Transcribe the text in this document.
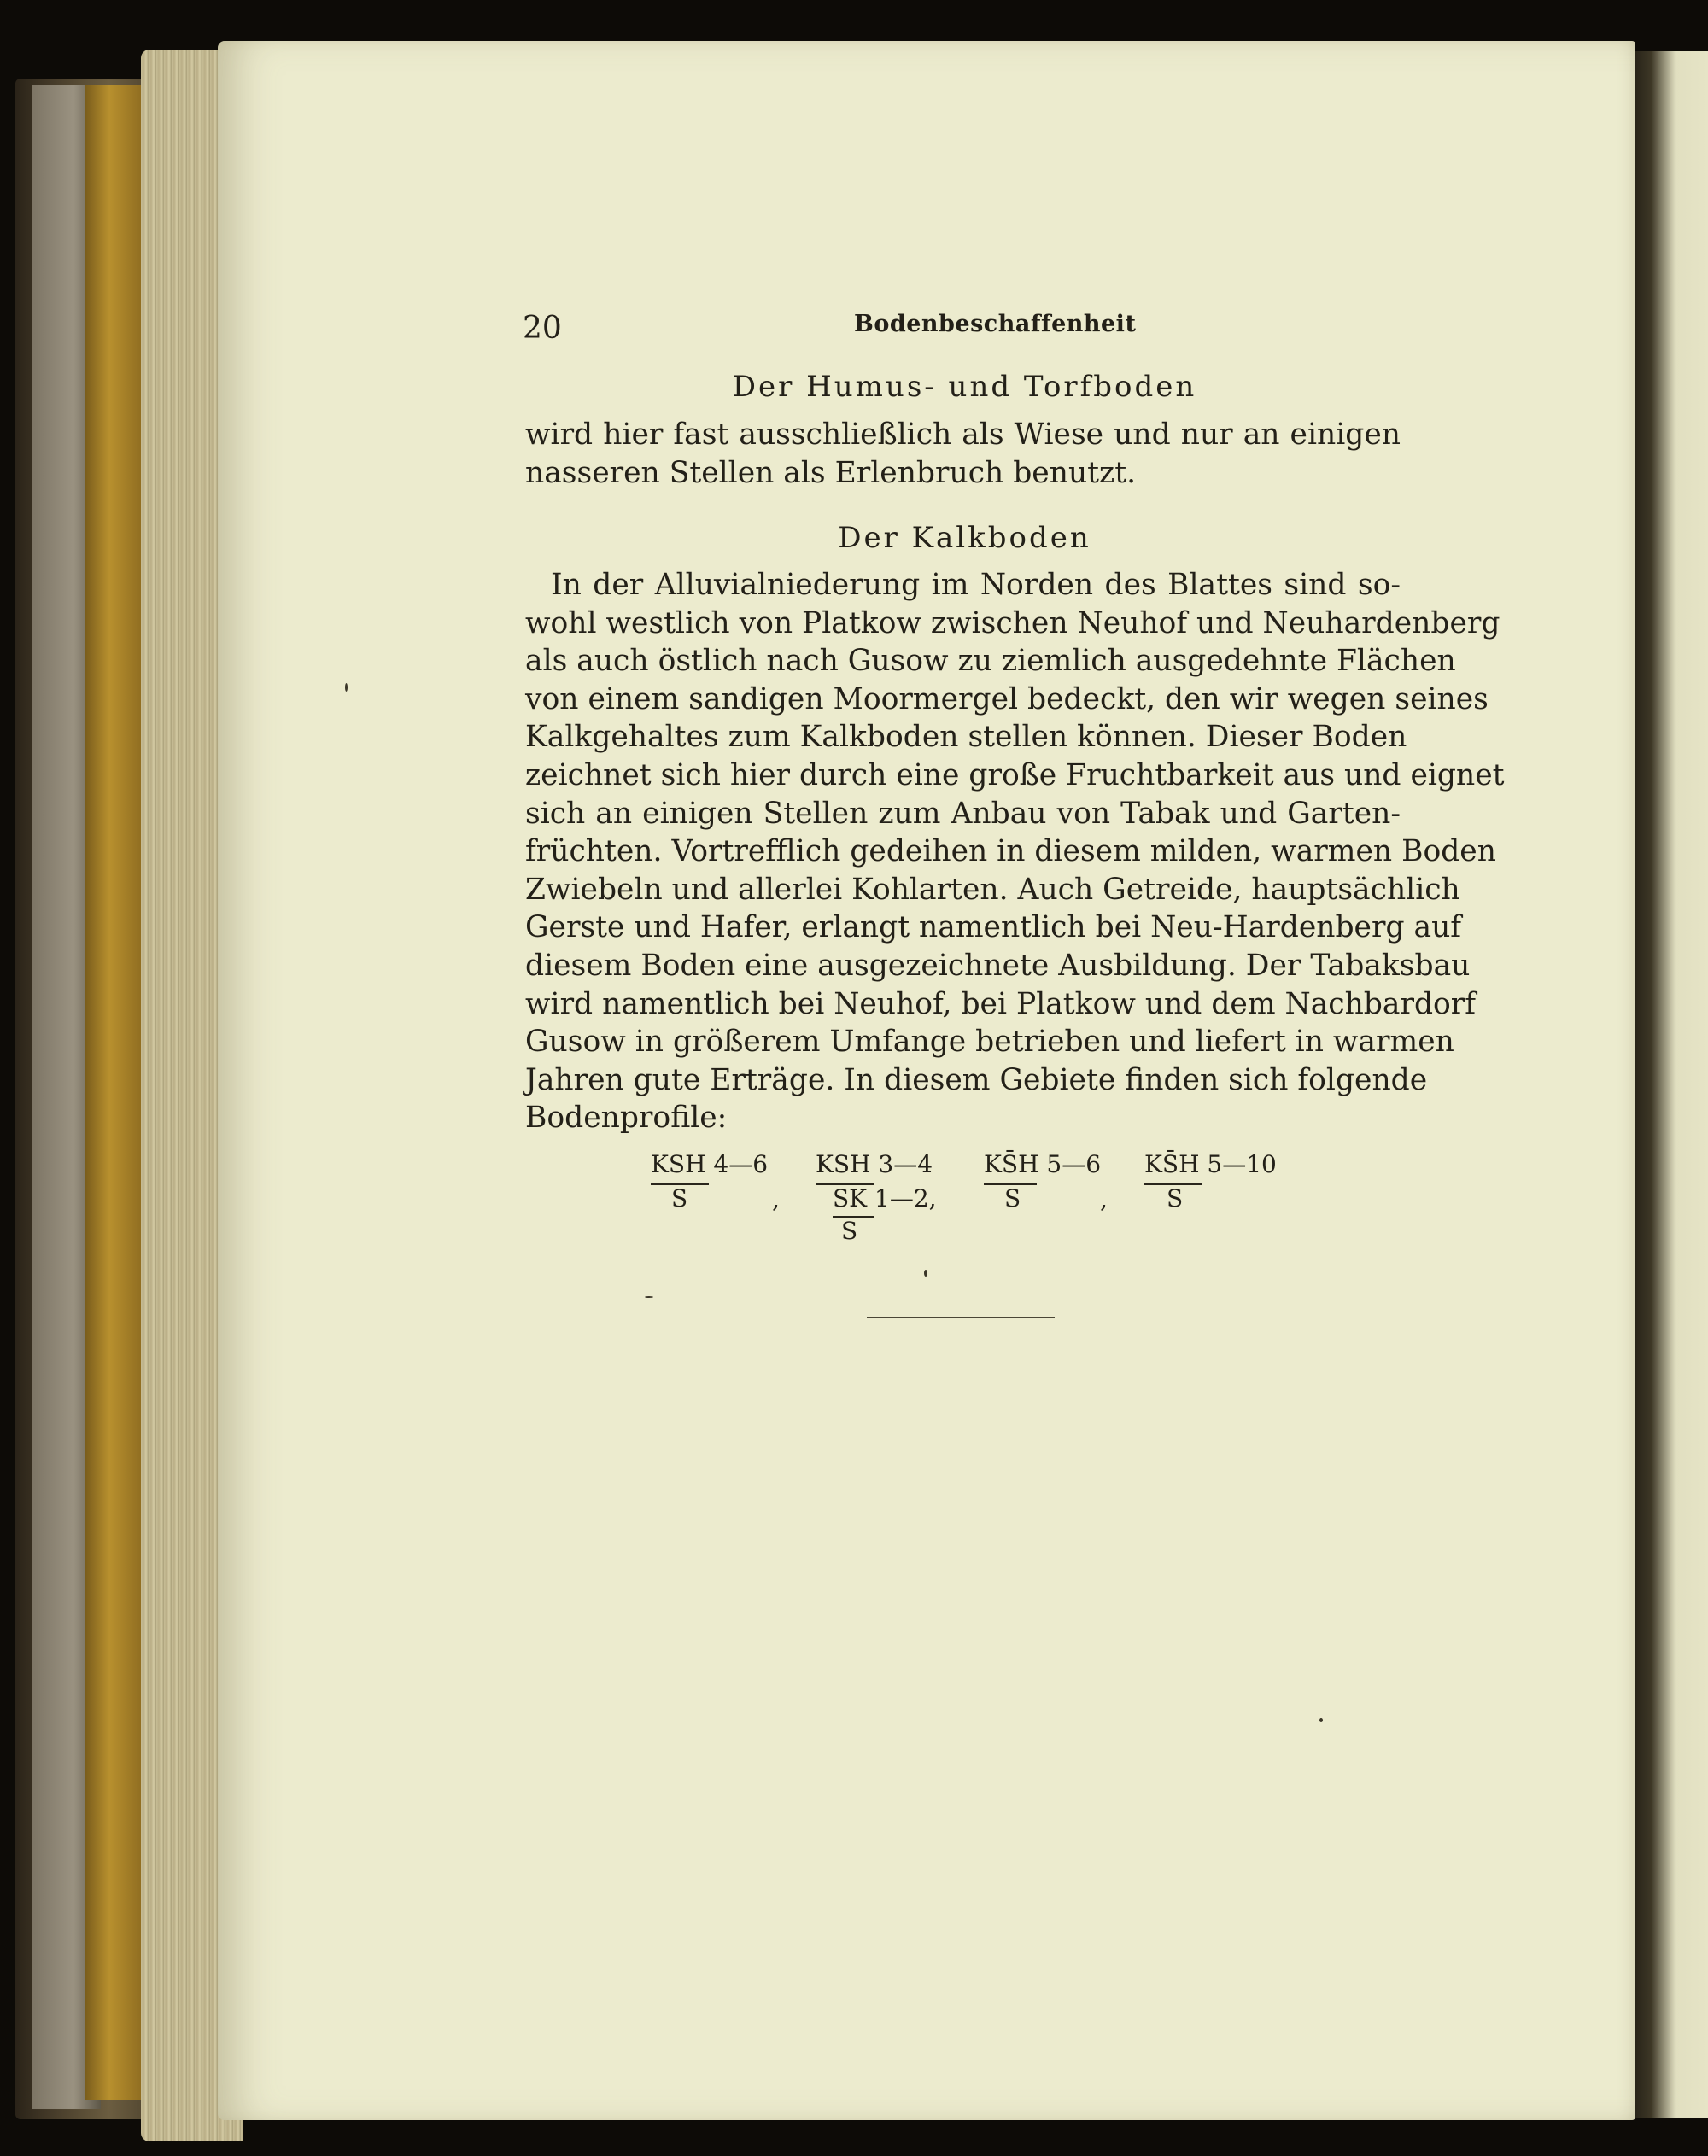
20	Bodenbeschaffenheit
Der Humus- und Torfboden
wird hier fast ausschließlich als Wiese und nur an einigen
nasseren Stellen als Erlenbruch benutzt.
Der Kalkboden
In der Alluvialniederung im Norden des Blattes sind so-
wohl westlich von Platkow zwischen Neuhof und Neuhardenberg
als auch östlich nach Gusow zu ziemlich ausgedehnte Flächen
von einem sandigen Moormergel bedeckt, den wir wegen seines
Kalkgehaltes zum Kalkboden stellen können. Dieser Boden
zeichnet sich hier durch eine große Fruchtbarkeit aus und eignet
sich an einigen Stellen zum Anbau von Tabak und Garten-
früchten. Vortrefflich gedeihen in diesem milden, warmen Boden
Zwiebeln und allerlei Kohlarten. Auch Getreide, hauptsächlich
Gerste und Hafer, erlangt namentlich bei Neu-Hardenberg auf
diesem Boden eine ausgezeichnete Ausbildung. Der Tabaksbau
wird namentlich bei Neuhof, bei Platkow und dem Nachbardorf
Gusow in größerem Umfange betrieben und liefert in warmen
Jahren gute Erträge. In diesem Gebiete finden sich folgende
Bodenprofile:
KSH 4—6
S	,
KSH 3—4
SK 1—2,
S
KS̄H 5—6
S	,
KS̄H 5—10
S
